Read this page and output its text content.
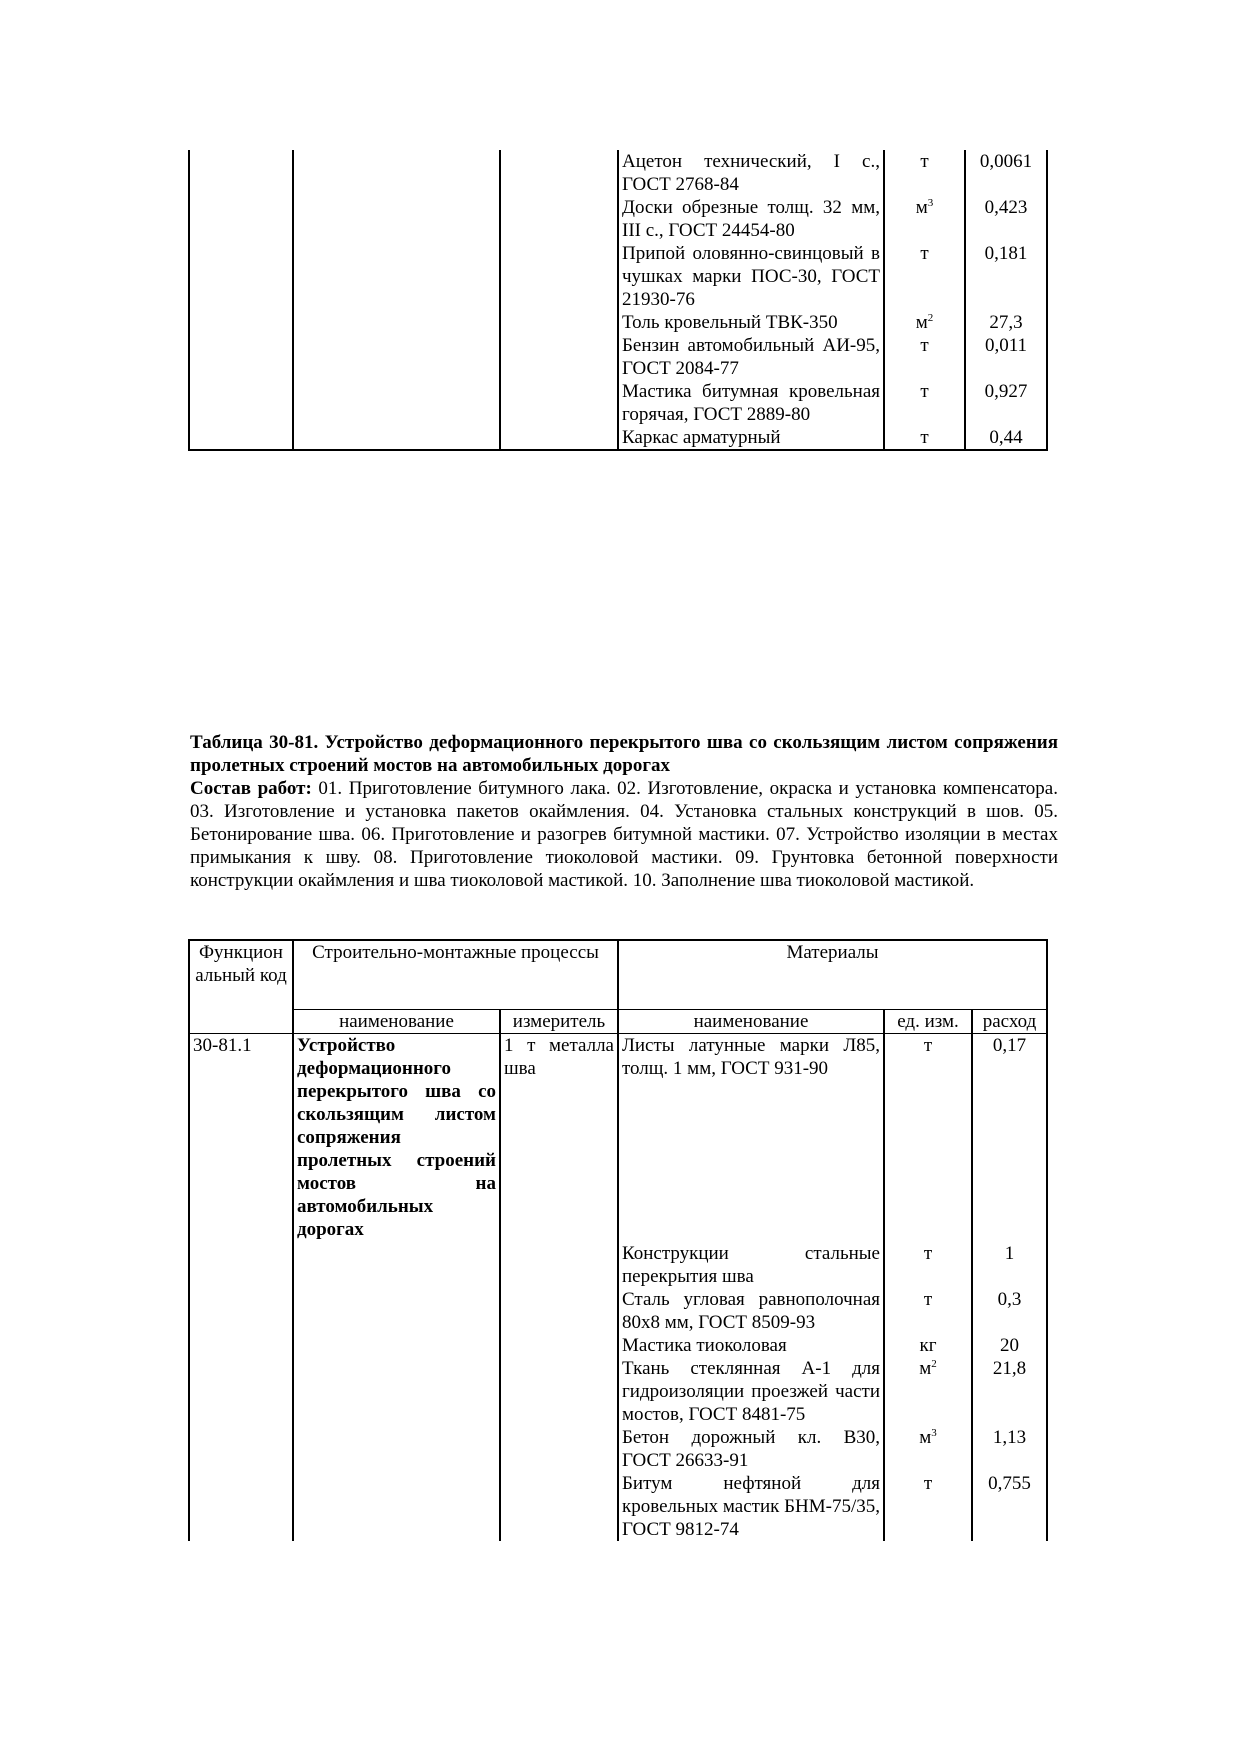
			Ацетон технический, I с., ГОСТ 2768-84	т	0,0061
			Доски обрезные толщ. 32 мм, III с., ГОСТ 24454-80	$м^3$	0,423
			Припой оловянно-свинцовый в чушках марки ПОС-30, ГОСТ 21930-76	т	0,181
			Толь кровельный ТВК-350	$м^2$	27,3
			Бензин автомобильный АИ-95, ГОСТ 2084-77	т	0,011
			Мастика битумная кровельная горячая, ГОСТ 2889-80	т	0,927
			Каркас арматурный	т	0,44

Таблица 30-81. Устройство деформационного перекрытого шва со скользящим листом сопряжения пролетных строений мостов на автомобильных дорогах

Состав работ: 01. Приготовление битумного лака. 02. Изготовление, окраска и установка компенсатора. 03. Изготовление и установка пакетов окаймления. 04. Установка стальных конструкций в шов. 05. Бетонирование шва. 06. Приготовление и разогрев битумной мастики. 07. Устройство изоляции в местах примыкания к шву. 08. Приготовление тиоколовой мастики. 09. Грунтовка бетонной поверхности конструкции окаймления и шва тиоколовой мастикой. 10. Заполнение шва тиоколовой мастикой.

Функцион альный код	Строительно-монтажные процессы		Материалы		
	наименование	измеритель	наименование	ед. изм.	расход
30-81.1	Устройство деформационного перекрытого шва со скользящим листом сопряжения пролетных строений мостов на автомобильных дорогах	1 т металла шва	Листы латунные марки Л85, толщ. 1 мм, ГОСТ 931-90	т	0,17
			Конструкции стальные перекрытия шва	т	1
			Сталь угловая равнополочная 80х8 мм, ГОСТ 8509-93	т	0,3
			Мастика тиоколовая	кг	20
			Ткань стеклянная А-1 для гидроизоляции проезжей части мостов, ГОСТ 8481-75	$м^2$	21,8
			Бетон дорожный кл. В30, ГОСТ 26633-91	$м^3$	1,13
			Битум нефтяной для кровельных мастик БНМ-75/35, ГОСТ 9812-74	т	0,755
